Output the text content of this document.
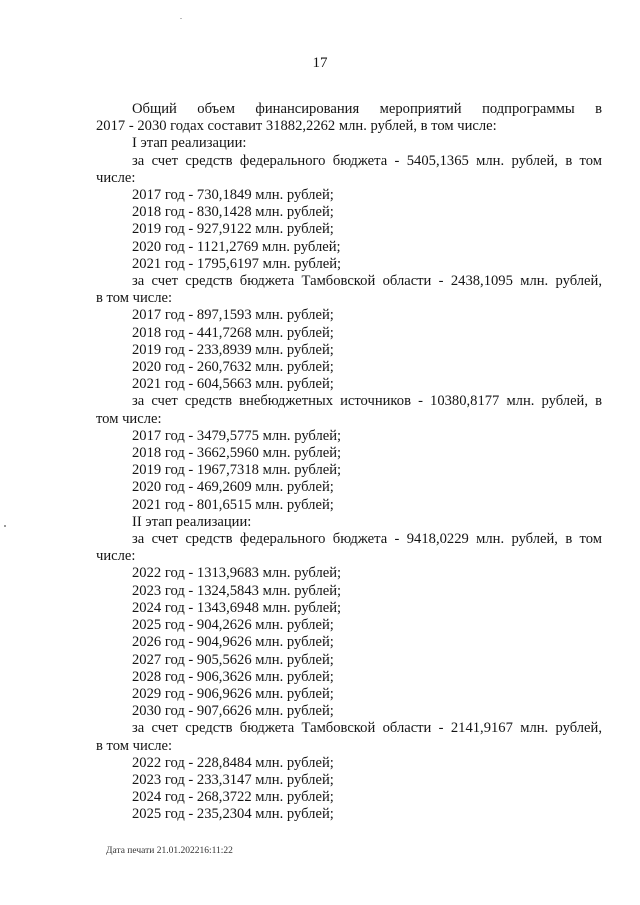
17
Общий объем финансирования мероприятий подпрограммы в
2017 - 2030 годах составит 31882,2262 млн. рублей, в том числе:
I этап реализации:
за счет средств федерального бюджета - 5405,1365 млн. рублей, в том
числе:
2017 год - 730,1849 млн. рублей;
2018 год - 830,1428 млн. рублей;
2019 год - 927,9122 млн. рублей;
2020 год - 1121,2769 млн. рублей;
2021 год - 1795,6197 млн. рублей;
за счет средств бюджета Тамбовской области - 2438,1095 млн. рублей,
в том числе:
2017 год - 897,1593 млн. рублей;
2018 год - 441,7268 млн. рублей;
2019 год - 233,8939 млн. рублей;
2020 год - 260,7632 млн. рублей;
2021 год - 604,5663 млн. рублей;
за счет средств внебюджетных источников - 10380,8177 млн. рублей, в
том числе:
2017 год - 3479,5775 млн. рублей;
2018 год - 3662,5960 млн. рублей;
2019 год - 1967,7318 млн. рублей;
2020 год - 469,2609 млн. рублей;
2021 год - 801,6515 млн. рублей;
II этап реализации:
за счет средств федерального бюджета - 9418,0229 млн. рублей, в том
числе:
2022 год - 1313,9683 млн. рублей;
2023 год - 1324,5843 млн. рублей;
2024 год - 1343,6948 млн. рублей;
2025 год - 904,2626 млн. рублей;
2026 год - 904,9626 млн. рублей;
2027 год - 905,5626 млн. рублей;
2028 год - 906,3626 млн. рублей;
2029 год - 906,9626 млн. рублей;
2030 год - 907,6626 млн. рублей;
за счет средств бюджета Тамбовской области - 2141,9167 млн. рублей,
в том числе:
2022 год - 228,8484 млн. рублей;
2023 год - 233,3147 млн. рублей;
2024 год - 268,3722 млн. рублей;
2025 год - 235,2304 млн. рублей;
Дата печати 21.01.202216:11:22
